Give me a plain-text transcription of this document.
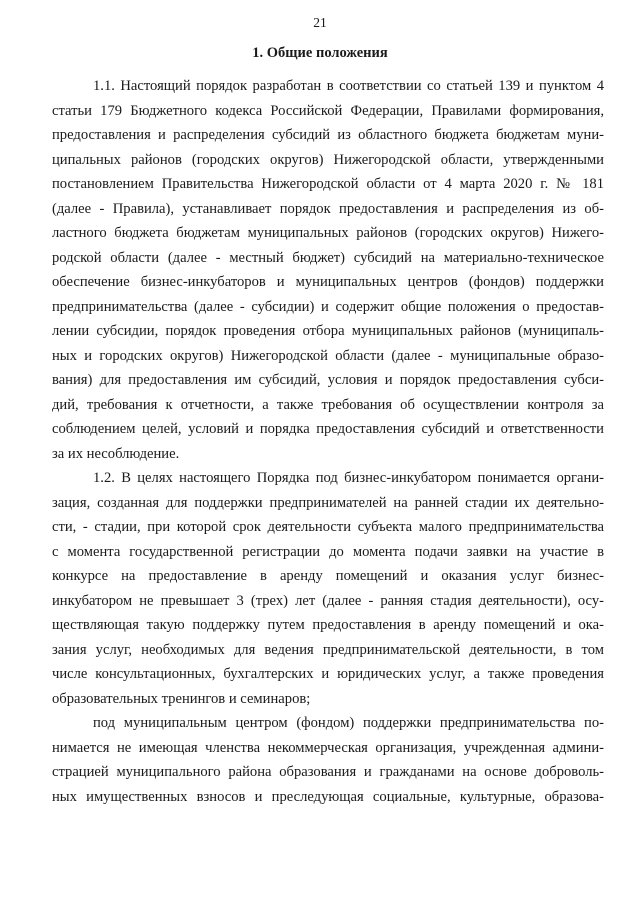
21
1. Общие положения
1.1. Настоящий порядок разработан в соответствии со статьей 139 и пунктом 4
статьи 179 Бюджетного кодекса Российской Федерации, Правилами формирования,
предоставления и распределения субсидий из областного бюджета бюджетам муни-
ципальных районов (городских округов) Нижегородской области, утвержденными
постановлением Правительства Нижегородской области от 4 марта 2020 г. № 181
(далее - Правила), устанавливает порядок предоставления и распределения из об-
ластного бюджета бюджетам муниципальных районов (городских округов) Нижего-
родской области (далее - местный бюджет) субсидий на материально-техническое
обеспечение бизнес-инкубаторов и муниципальных центров (фондов) поддержки
предпринимательства (далее - субсидии) и содержит общие положения о предостав-
лении субсидии, порядок проведения отбора муниципальных районов (муниципаль-
ных и городских округов) Нижегородской области (далее - муниципальные образо-
вания) для предоставления им субсидий, условия и порядок предоставления субси-
дий, требования к отчетности, а также требования об осуществлении контроля за
соблюдением целей, условий и порядка предоставления субсидий и ответственности
за их несоблюдение.
1.2. В целях настоящего Порядка под бизнес-инкубатором понимается органи-
зация, созданная для поддержки предпринимателей на ранней стадии их деятельно-
сти, - стадии, при которой срок деятельности субъекта малого предпринимательства
с момента государственной регистрации до момента подачи заявки на участие в
конкурсе на предоставление в аренду помещений и оказания услуг бизнес-
инкубатором не превышает 3 (трех) лет (далее - ранняя стадия деятельности), осу-
ществляющая такую поддержку путем предоставления в аренду помещений и ока-
зания услуг, необходимых для ведения предпринимательской деятельности, в том
числе консультационных, бухгалтерских и юридических услуг, а также проведения
образовательных тренингов и семинаров;
под муниципальным центром (фондом) поддержки предпринимательства по-
нимается не имеющая членства некоммерческая организация, учрежденная админи-
страцией муниципального района образования и гражданами на основе доброволь-
ных имущественных взносов и преследующая социальные, культурные, образова-
